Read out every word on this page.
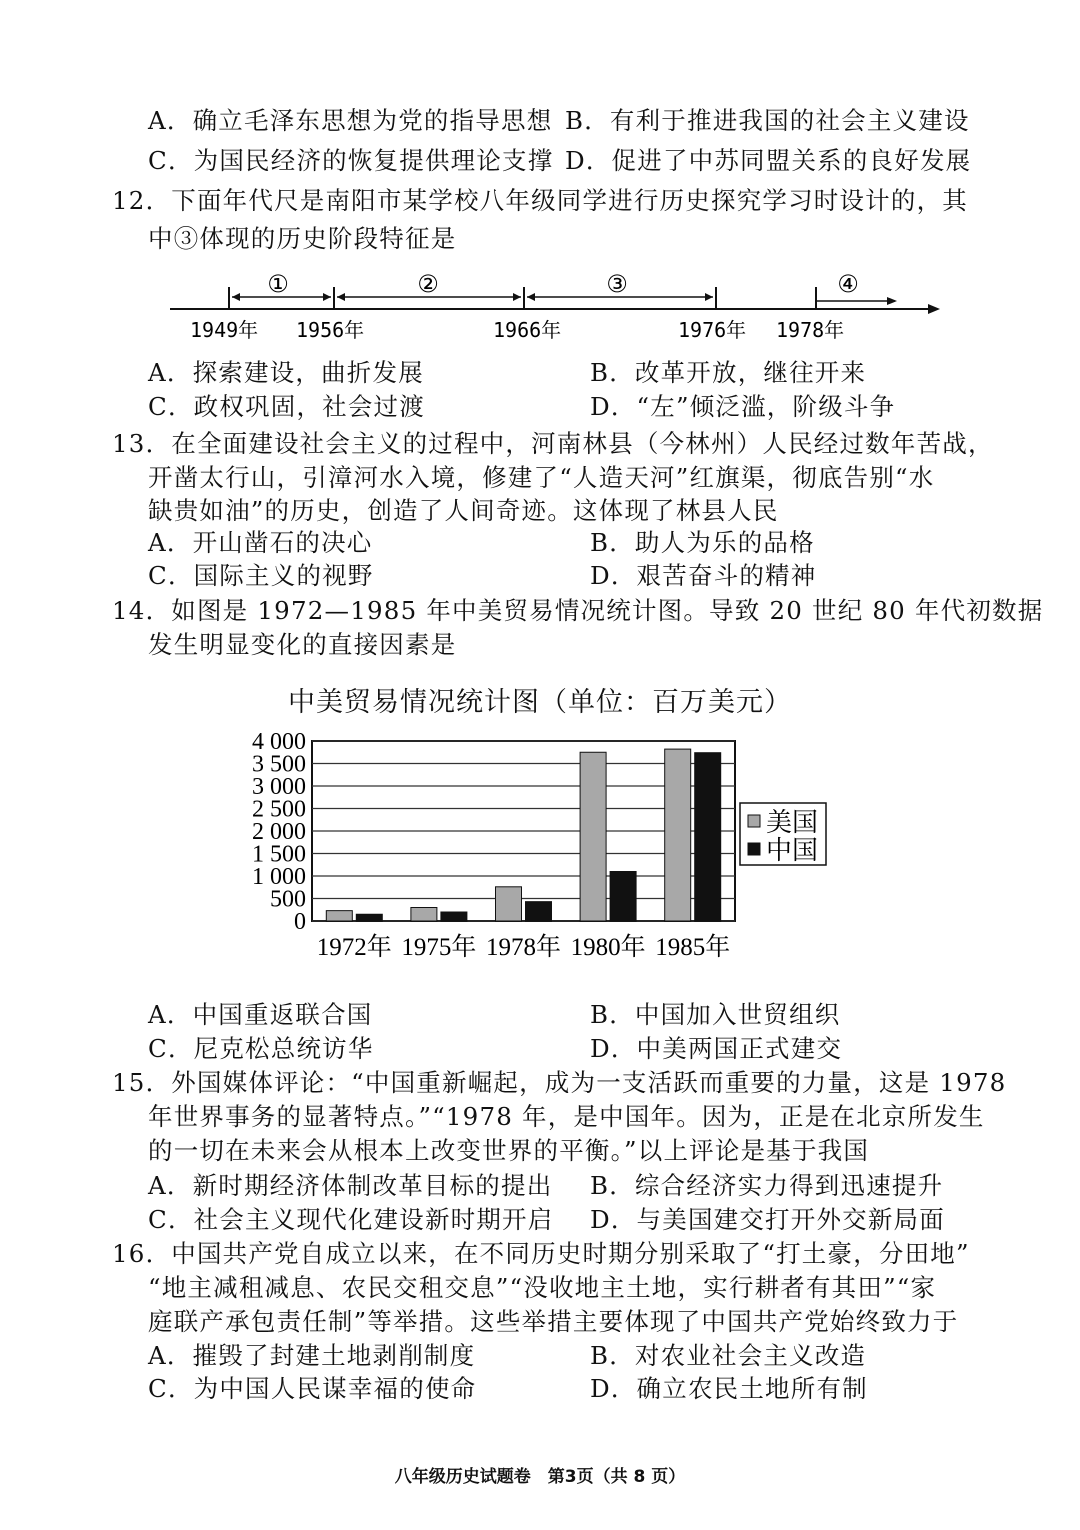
A．确立毛泽东思想为党的指导思想 B．有利于推进我国的社会主义建设
C．为国民经济的恢复提供理论支撑 D．促进了中苏同盟关系的良好发展
12．下面年代尺是南阳市某学校八年级同学进行历史探究学习时设计的，其
中③体现的历史阶段特征是
①	②	③	④
1949年 1956年	1966年	1976年 1978年
A．探索建设，曲折发展	B．改革开放，继往开来
C．政权巩固，社会过渡	D．“左”倾泛滥，阶级斗争
13．在全面建设社会主义的过程中，河南林县（今林州）人民经过数年苦战，
开凿太行山，引漳河水入境，修建了“人造天河”红旗渠，彻底告别“水
缺贵如油”的历史，创造了人间奇迹。这体现了林县人民
A．开山凿石的决心	B．助人为乐的品格
C．国际主义的视野	D．艰苦奋斗的精神
14．如图是 1972—1985 年中美贸易情况统计图。导致 20 世纪 80 年代初数据
发生明显变化的直接因素是
中美贸易情况统计图（单位：百万美元）
0
500
1 000
1 500
2 000
2 500
3 000
3 500
4 000
1972年 1975年 1978年 1980年 1985年
美国
中国
A．中国重返联合国	B．中国加入世贸组织
C．尼克松总统访华	D．中美两国正式建交
15．外国媒体评论：“中国重新崛起，成为一支活跃而重要的力量，这是 1978
年世界事务的显著特点。”“1978 年，是中国年。因为，正是在北京所发生
的一切在未来会从根本上改变世界的平衡。”以上评论是基于我国
A．新时期经济体制改革目标的提出 B．综合经济实力得到迅速提升
C．社会主义现代化建设新时期开启 D．与美国建交打开外交新局面
16．中国共产党自成立以来，在不同历史时期分别采取了“打土豪，分田地”
“地主减租减息、农民交租交息”“没收地主土地，实行耕者有其田”“家
庭联产承包责任制”等举措。这些举措主要体现了中国共产党始终致力于
A．摧毁了封建土地剥削制度	B．对农业社会主义改造
C．为中国人民谋幸福的使命	D．确立农民土地所有制
八年级历史试题卷　第3页（共 8 页）
